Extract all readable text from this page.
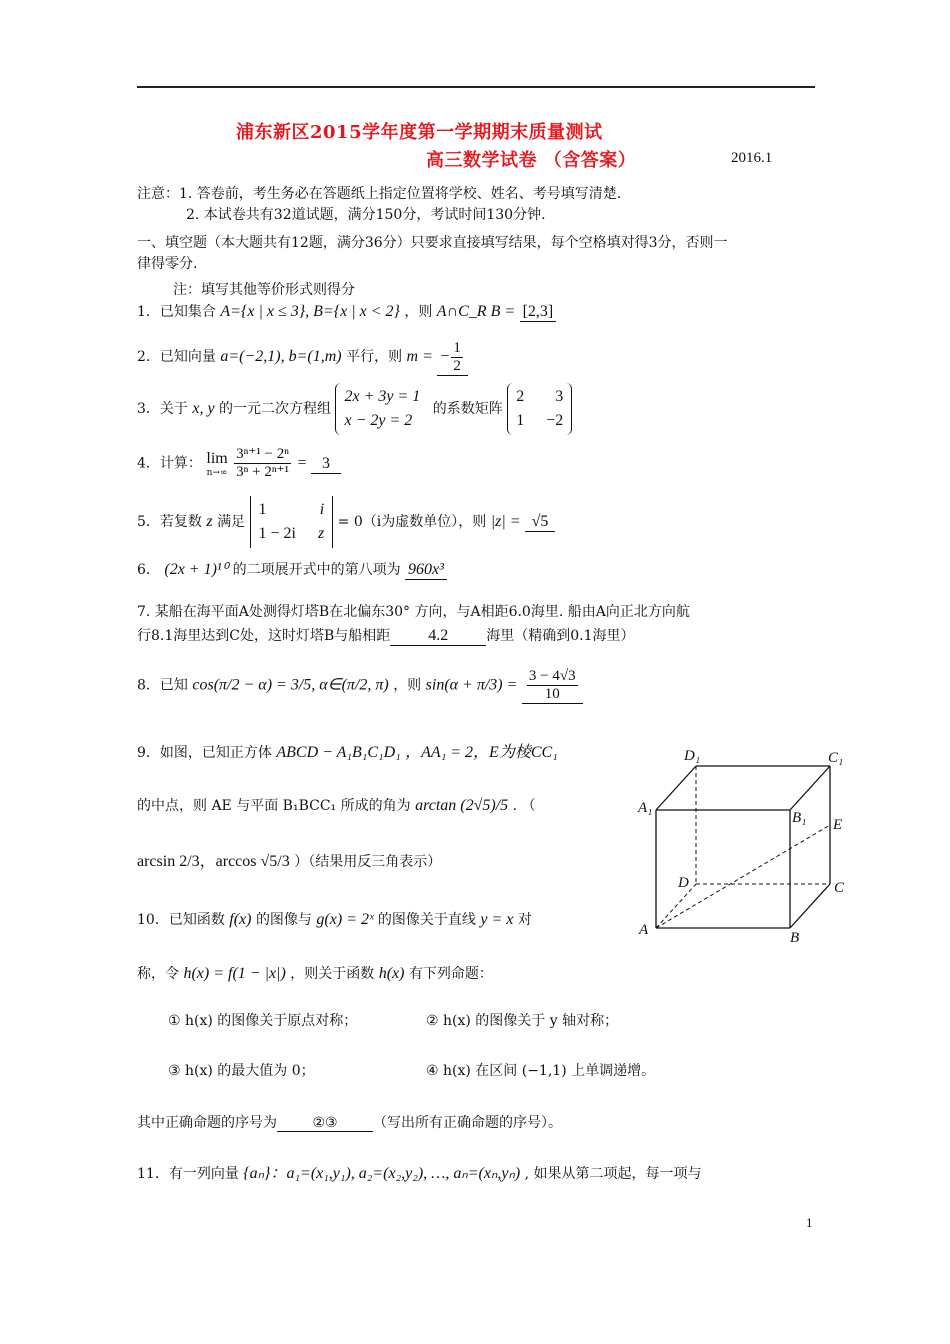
浦东新区2015学年度第一学期期末质量测试
高三数学试卷 （含答案）	2016.1
注意：1. 答卷前，考生务必在答题纸上指定位置将学校、姓名、考号填写清楚.
2. 本试卷共有32道试题，满分150分，考试时间130分钟.
一、填空题（本大题共有12题，满分36分）只要求直接填写结果，每个空格填对得3分，否则一
律得零分.
注：填写其他等价形式则得分
1．已知集合 A={x | x ≤ 3}, B={x | x < 2} ，则 A∩C_R B = [2,3]
2．已知向量 a=(−2,1), b=(1,m) 平行，则 m = − $\frac{1}{2}$
3．关于 x, y 的一元二次方程组
2x + 3y = 1
x − 2y = 2
的系数矩阵
2 3
1 −2
4．计算： lim
n→∞
$\frac{\text{3ⁿ⁺¹ − 2ⁿ}}{\text{3ⁿ + 2ⁿ⁺¹}} = 3$
5．若复数 z 满足
1	i
1 − 2i z
= 0（i为虚数单位），则 |z| = √5
6． (2x + 1)¹⁰ 的二项展开式中的第八项为 960x³
7. 某船在海平面A处测得灯塔B在北偏东30° 方向，与A相距6.0海里. 船由A向正北方向航
行8.1海里达到C处，这时灯塔B与船相距 4.2	海里（精确到0.1海里）
8．已知 cos(π/2 − α) = 3/5, α∈(π/2, π) ，则 $\sin(\alpha + \pi/3) = \frac{3 - 4√3}{10}$
9．如图，已知正方体 ABCD − A₁B₁C₁D₁ ，AA₁ = 2，E为棱CC₁
的中点，则 AE 与平面 B₁BCC₁ 所成的角为 arctan (2√5)/5 . （
arcsin 2/3，arccos √5/3 ）（结果用反三角表示）
D₁	C₁
A₁
B₁ E
D	C
A	B
10．已知函数 f(x) 的图像与 g(x) = 2ˣ 的图像关于直线 y = x 对
称，令 h(x) = f(1 − |x|) ，则关于函数 h(x) 有下列命题：
① h(x) 的图像关于原点对称；	② h(x) 的图像关于 y 轴对称；
③ h(x) 的最大值为 0；	④ h(x) 在区间 (−1,1) 上单调递增。
其中正确命题的序号为	②③	（写出所有正确命题的序号）。
11．有一列向量 {aₙ}：a₁=(x₁,y₁), a₂=(x₂,y₂), …, aₙ=(xₙ,yₙ) , 如果从第二项起，每一项与
1
